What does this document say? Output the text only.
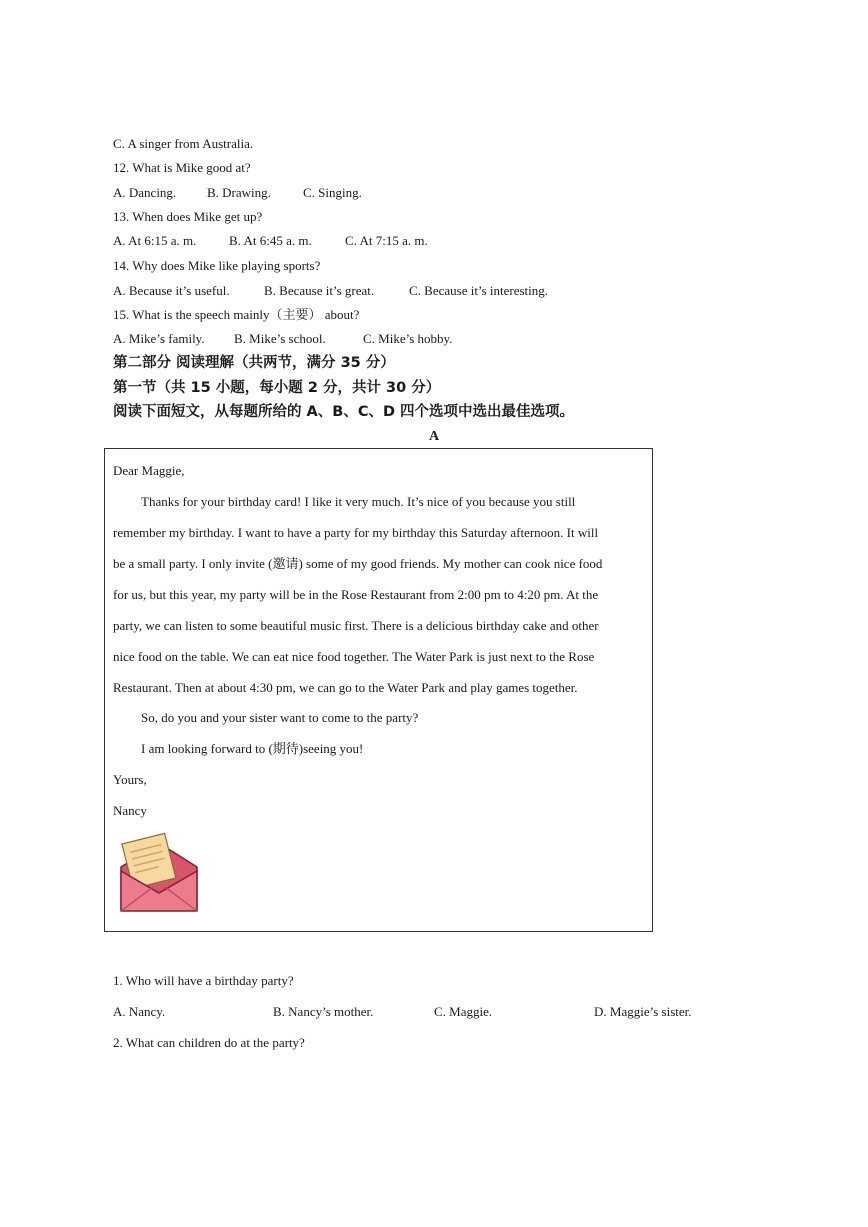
C. A singer from Australia.
12. What is Mike good at?
A. Dancing. B. Drawing. C. Singing.
13. When does Mike get up?
A. At 6:15 a. m.	B. At 6:45 a. m.	C. At 7:15 a. m.
14. Why does Mike like playing sports?
A. Because it’s useful.	B. Because it’s great.	C. Because it’s interesting.
15. What is the speech mainly（主要） about?
A. Mike’s family. B. Mike’s school.	C. Mike’s hobby.
第二部分 阅读理解（共两节，满分 35 分）
第一节（共 15 小题，每小题 2 分，共计 30 分）
阅读下面短文，从每题所给的 A、B、C、D 四个选项中选出最佳选项。
A
Dear Maggie,
Thanks for your birthday card! I like it very much. It’s nice of you because you still
remember my birthday. I want to have a party for my birthday this Saturday afternoon. It will
be a small party. I only invite (邀请) some of my good friends. My mother can cook nice food
for us, but this year, my party will be in the Rose Restaurant from 2:00 pm to 4:20 pm. At the
party, we can listen to some beautiful music first. There is a delicious birthday cake and other
nice food on the table. We can eat nice food together. The Water Park is just next to the Rose
Restaurant. Then at about 4:30 pm, we can go to the Water Park and play games together.
So, do you and your sister want to come to the party?
I am looking forward to (期待)seeing you!
Yours,
Nancy
1. Who will have a birthday party?
A. Nancy.	B. Nancy’s mother.	C. Maggie.	D. Maggie’s sister.
2. What can children do at the party?
